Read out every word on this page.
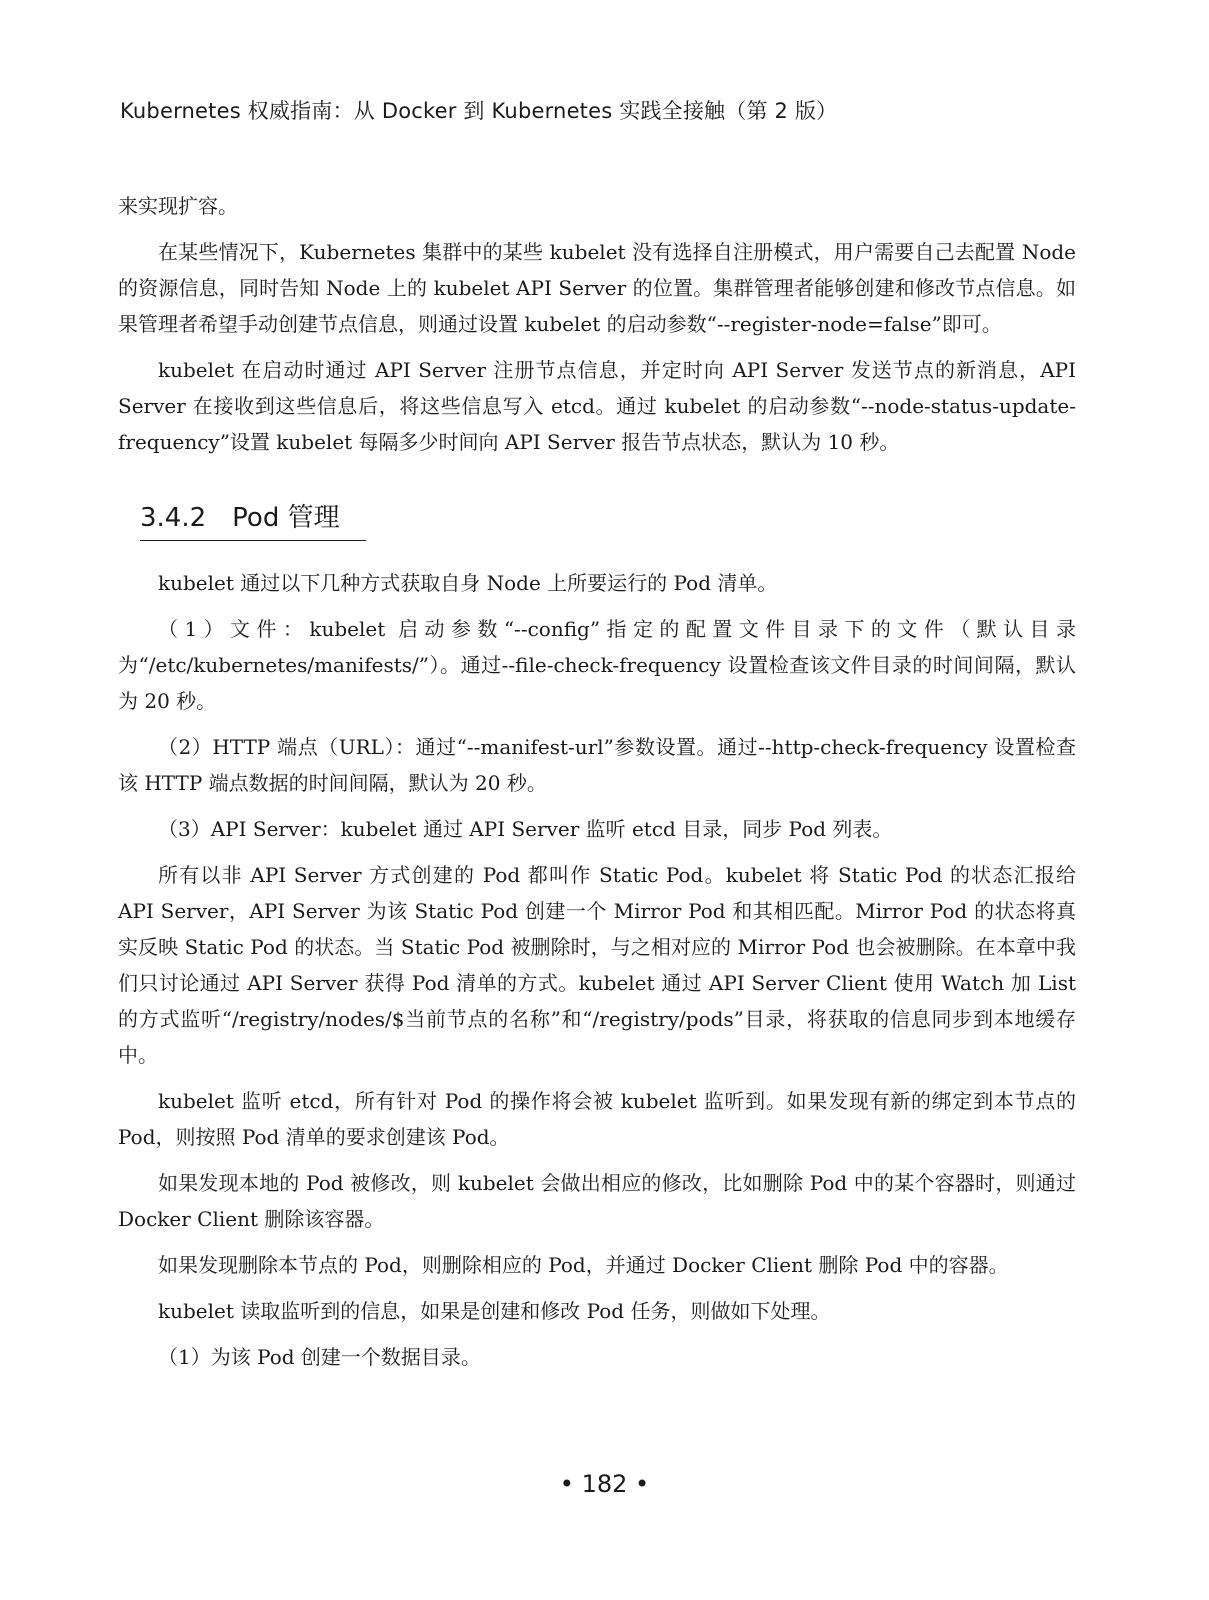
Kubernetes 权威指南：从 Docker 到 Kubernetes 实践全接触（第 2 版）

来实现扩容。

在某些情况下，Kubernetes 集群中的某些 kubelet 没有选择自注册模式，用户需要自己去配置 Node 的资源信息，同时告知 Node 上的 kubelet API Server 的位置。集群管理者能够创建和修改节点信息。如果管理者希望手动创建节点信息，则通过设置 kubelet 的启动参数“--register-node=false”即可。

kubelet 在启动时通过 API Server 注册节点信息，并定时向 API Server 发送节点的新消息，API Server 在接收到这些信息后，将这些信息写入 etcd。通过 kubelet 的启动参数“--node-status-update-frequency”设置 kubelet 每隔多少时间向 API Server 报告节点状态，默认为 10 秒。

3.4.2 Pod 管理

kubelet 通过以下几种方式获取自身 Node 上所要运行的 Pod 清单。

（1）文件：kubelet 启动参数“--config”指定的配置文件目录下的文件（默认目录为“/etc/kubernetes/manifests/”）。通过--file-check-frequency 设置检查该文件目录的时间间隔，默认为 20 秒。

（2）HTTP 端点（URL）：通过“--manifest-url”参数设置。通过--http-check-frequency 设置检查该 HTTP 端点数据的时间间隔，默认为 20 秒。

（3）API Server：kubelet 通过 API Server 监听 etcd 目录，同步 Pod 列表。

所有以非 API Server 方式创建的 Pod 都叫作 Static Pod。kubelet 将 Static Pod 的状态汇报给 API Server，API Server 为该 Static Pod 创建一个 Mirror Pod 和其相匹配。Mirror Pod 的状态将真实反映 Static Pod 的状态。当 Static Pod 被删除时，与之相对应的 Mirror Pod 也会被删除。在本章中我们只讨论通过 API Server 获得 Pod 清单的方式。kubelet 通过 API Server Client 使用 Watch 加 List 的方式监听“/registry/nodes/$当前节点的名称”和“/registry/pods”目录，将获取的信息同步到本地缓存中。

kubelet 监听 etcd，所有针对 Pod 的操作将会被 kubelet 监听到。如果发现有新的绑定到本节点的 Pod，则按照 Pod 清单的要求创建该 Pod。

如果发现本地的 Pod 被修改，则 kubelet 会做出相应的修改，比如删除 Pod 中的某个容器时，则通过 Docker Client 删除该容器。

如果发现删除本节点的 Pod，则删除相应的 Pod，并通过 Docker Client 删除 Pod 中的容器。

kubelet 读取监听到的信息，如果是创建和修改 Pod 任务，则做如下处理。

（1）为该 Pod 创建一个数据目录。

• 182 •
